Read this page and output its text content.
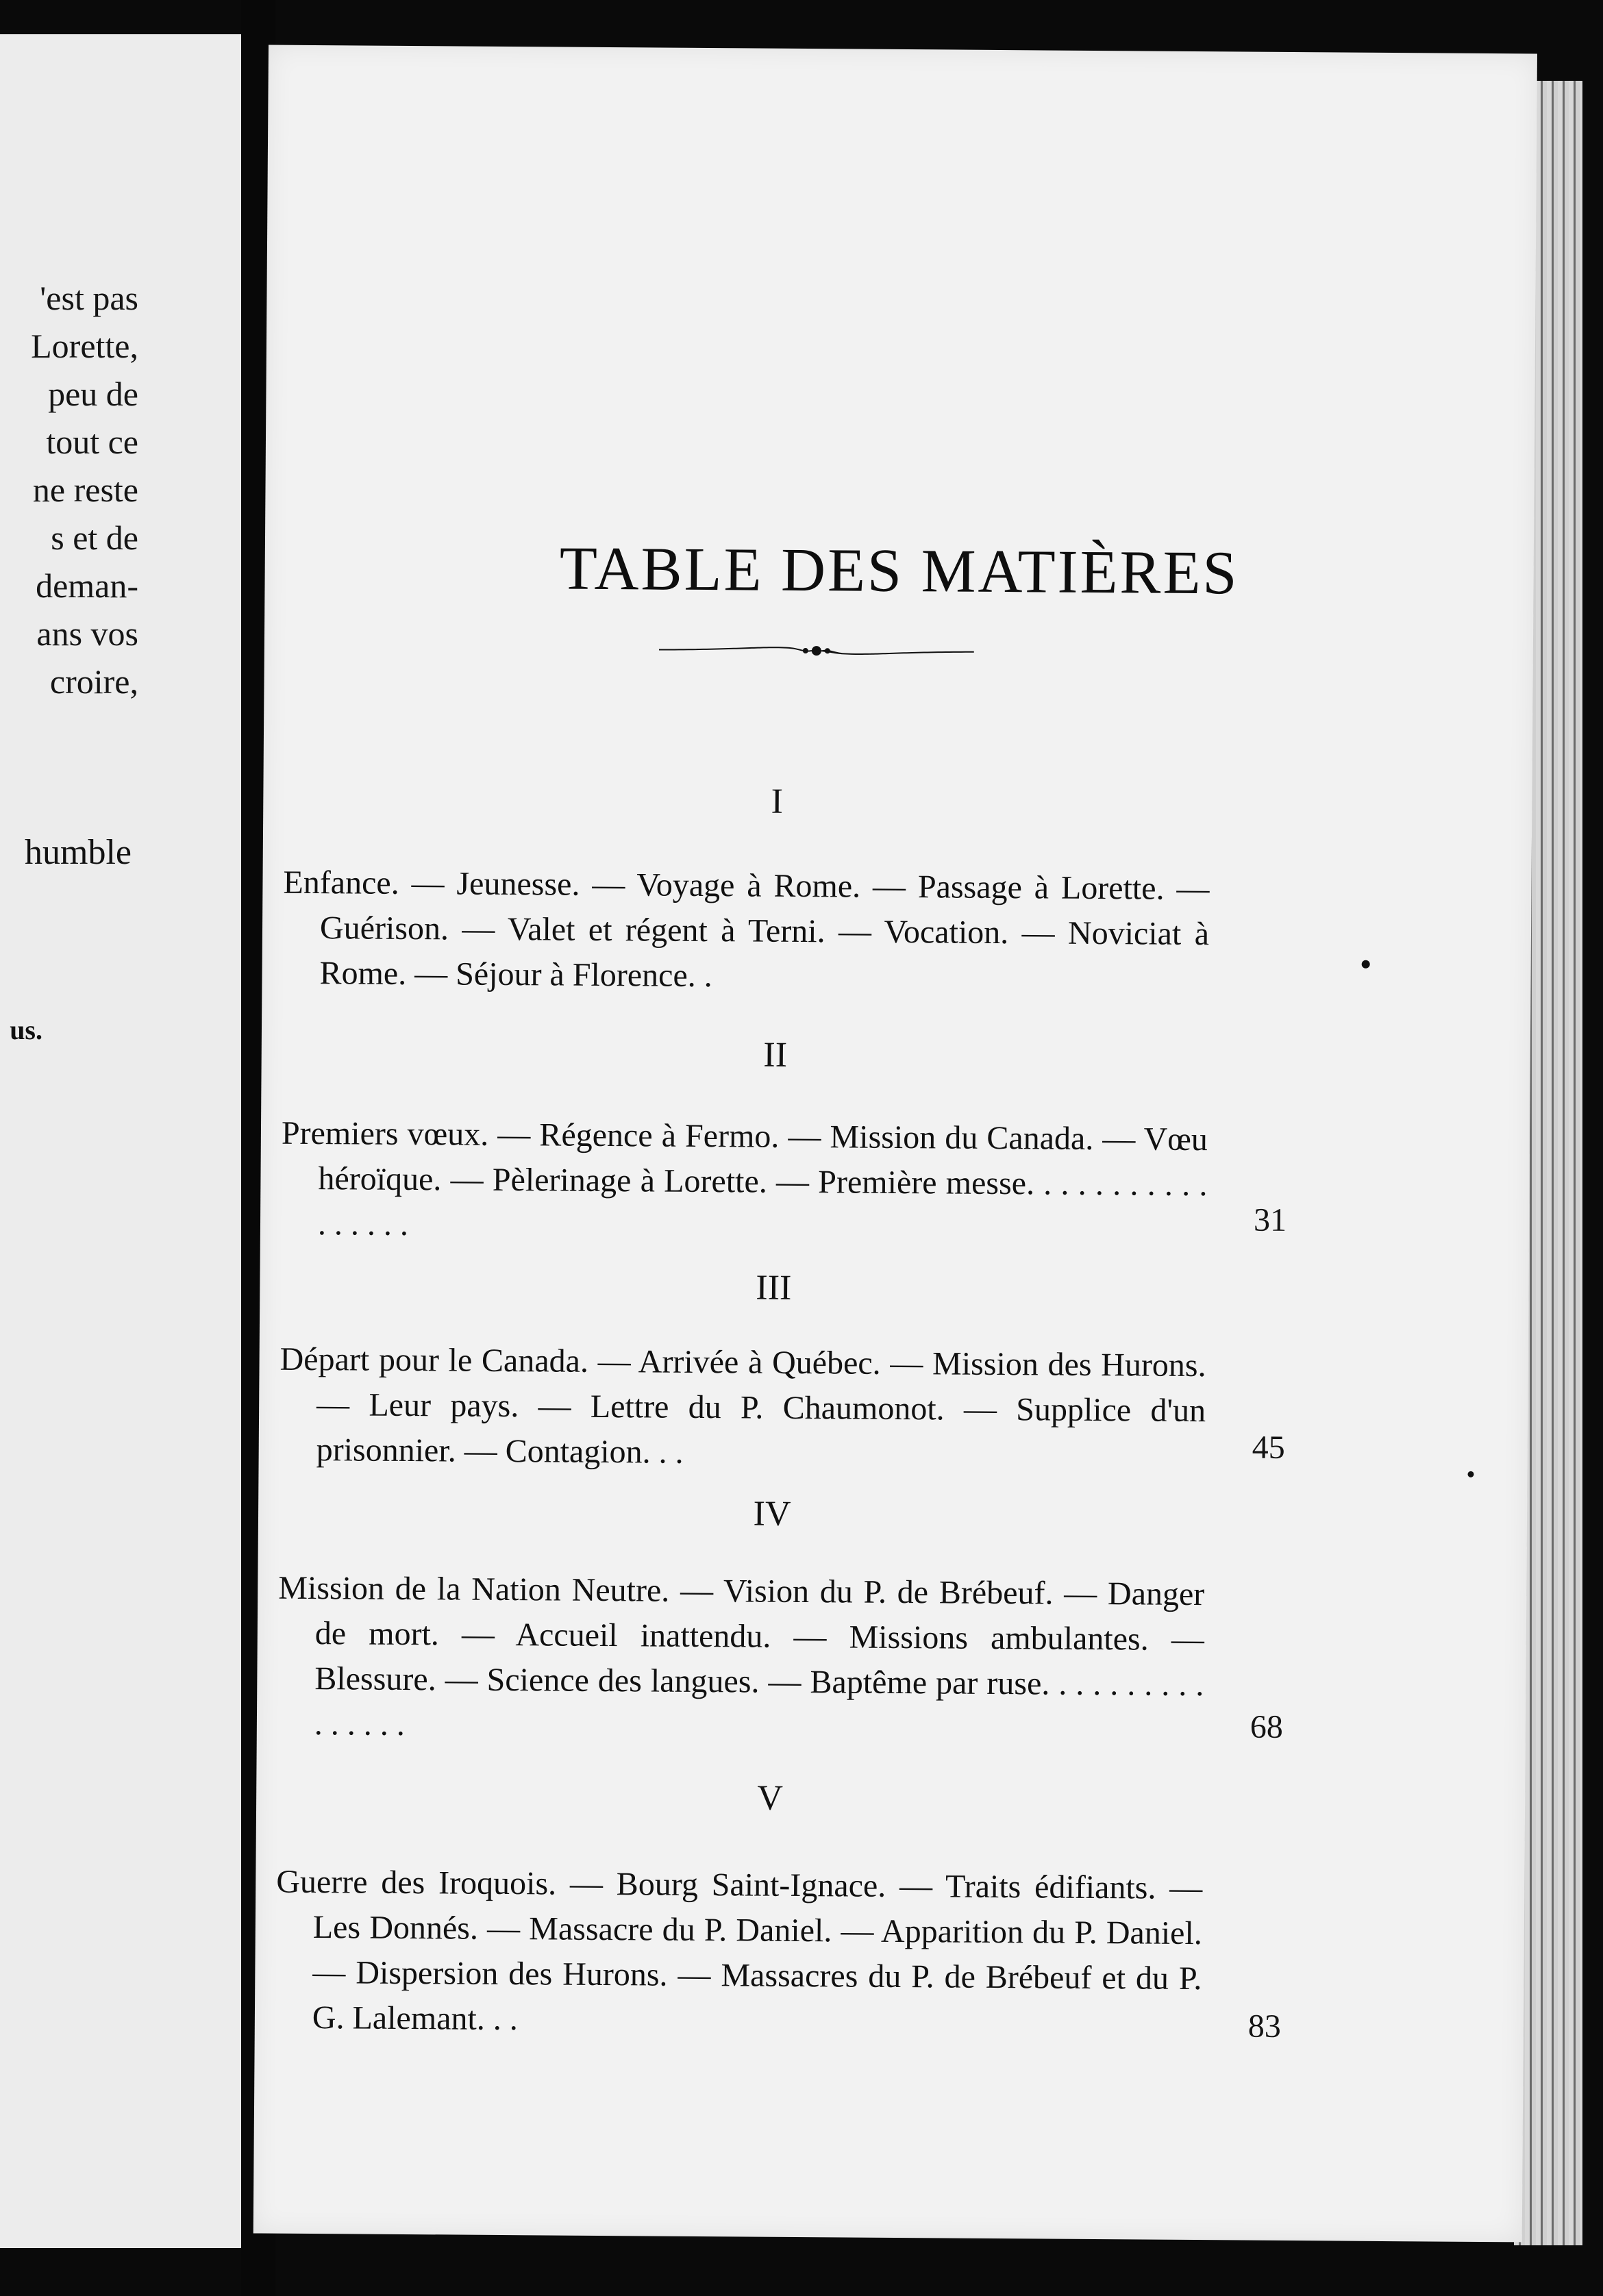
'est pas
Lorette,
peu de
tout ce
ne reste
s et de
deman-
ans vos
croire,
humble
us.
TABLE DES MATIÈRES
I

Enfance. — Jeunesse. — Voyage à Rome. — Passage à Lorette. — Guérison. — Valet et régent à Terni. — Vocation. — Noviciat à Rome. — Séjour à Florence. .

II

Premiers vœux. — Régence à Fermo. — Mission du Canada. — Vœu héroïque. — Pèlerinage à Lorette. — Première messe. . . . . . . . . . . . . . . . .	31
III

Départ pour le Canada. — Arrivée à Québec. — Mission des Hurons. — Leur pays. — Lettre du P. Chaumonot. — Supplice d'un prisonnier. — Contagion. . .	45
IV

Mission de la Nation Neutre. — Vision du P. de Brébeuf. — Danger de mort. — Accueil inattendu. — Missions ambulantes. — Blessure. — Science des langues. — Baptême par ruse. . . . . . . . . . . . . . . .	68
V

Guerre des Iroquois. — Bourg Saint-Ignace. — Traits édifiants. — Les Donnés. — Massacre du P. Daniel. — Apparition du P. Daniel. — Dispersion des Hurons. — Massacres du P. de Brébeuf et du P. G. Lalemant. . .	83
